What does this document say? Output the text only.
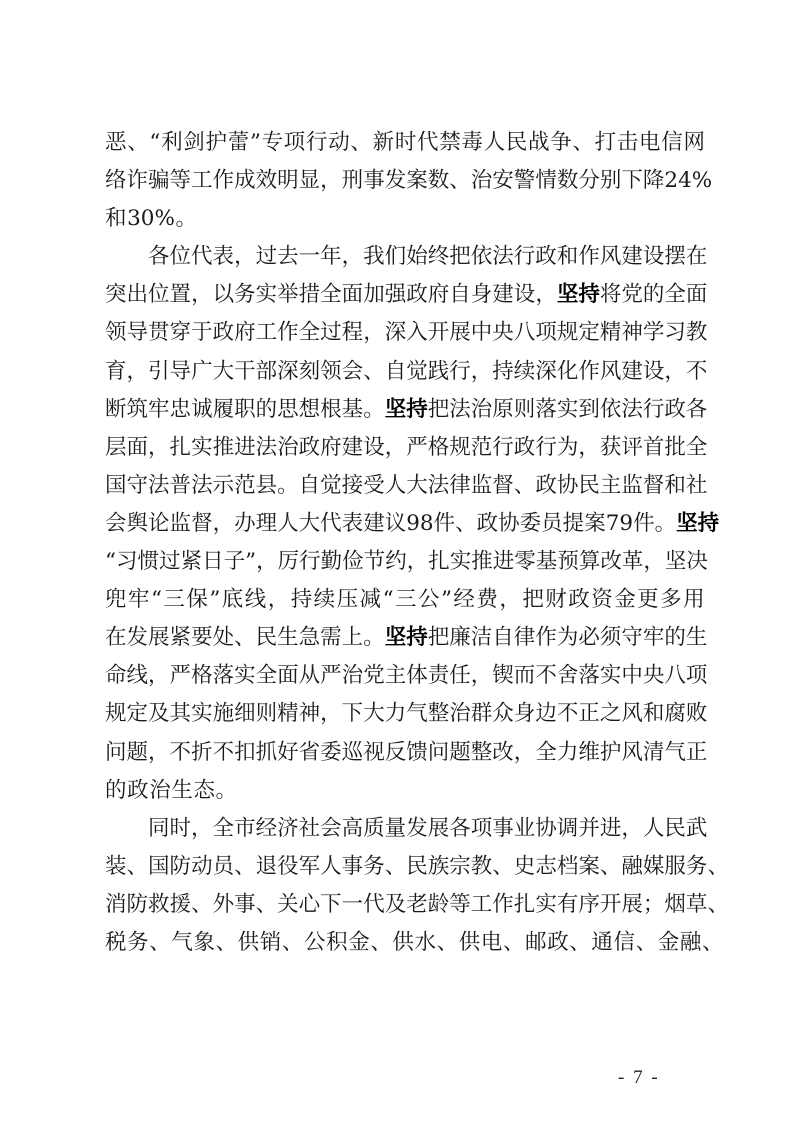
恶 、 “ 利 剑 护 蕾 ” 专 项 行 动 、 新 时 代 禁 毒 人 民 战 争 、 打 击 电 信 网
络 诈 骗 等 工 作 成 效 明 显 ， 刑 事 发 案 数 、 治 安 警 情 数 分 别 下 降 24%
和 30% 。
各 位 代 表 ， 过 去 一 年 ， 我 们 始 终 把 依 法 行 政 和 作 风 建 设 摆 在
突 出 位 置 ， 以 务 实 举 措 全 面 加 强 政 府 自 身 建 设 ， 坚 持 将 党 的 全 面
领 导 贯 穿 于 政 府 工 作 全 过 程 ， 深 入 开 展 中 央 八 项 规 定 精 神 学 习 教
育 ， 引 导 广 大 干 部 深 刻 领 会 、 自 觉 践 行 ， 持 续 深 化 作 风 建 设 ， 不
断 筑 牢 忠 诚 履 职 的 思 想 根 基 。 坚 持 把 法 治 原 则 落 实 到 依 法 行 政 各
层 面 ， 扎 实 推 进 法 治 政 府 建 设 ， 严 格 规 范 行 政 行 为 ， 获 评 首 批 全
国 守 法 普 法 示 范 县 。 自 觉 接 受 人 大 法 律 监 督 、 政 协 民 主 监 督 和 社
会 舆 论 监 督 ， 办 理 人 大 代 表 建 议 98 件 、 政 协 委 员 提 案 79 件 。 坚 持
“ 习 惯 过 紧 日 子 ” ， 厉 行 勤 俭 节 约 ， 扎 实 推 进 零 基 预 算 改 革 ， 坚 决
兜 牢 “ 三 保 ” 底 线 ， 持 续 压 减 “ 三 公 ” 经 费 ， 把 财 政 资 金 更 多 用
在 发 展 紧 要 处 、 民 生 急 需 上 。 坚 持 把 廉 洁 自 律 作 为 必 须 守 牢 的 生
命 线 ， 严 格 落 实 全 面 从 严 治 党 主 体 责 任 ， 锲 而 不 舍 落 实 中 央 八 项
规 定 及 其 实 施 细 则 精 神 ， 下 大 力 气 整 治 群 众 身 边 不 正 之 风 和 腐 败
问 题 ， 不 折 不 扣 抓 好 省 委 巡 视 反 馈 问 题 整 改 ， 全 力 维 护 风 清 气 正
的 政 治 生 态 。
同 时 ， 全 市 经 济 社 会 高 质 量 发 展 各 项 事 业 协 调 并 进 ， 人 民 武
装 、 国 防 动 员 、 退 役 军 人 事 务 、 民 族 宗 教 、 史 志 档 案 、 融 媒 服 务 、
消 防 救 援 、 外 事 、 关 心 下 一 代 及 老 龄 等 工 作 扎 实 有 序 开 展 ； 烟 草 、
税 务 、 气 象 、 供 销 、 公 积 金 、 供 水 、 供 电 、 邮 政 、 通 信 、 金 融 、
- 7 -
